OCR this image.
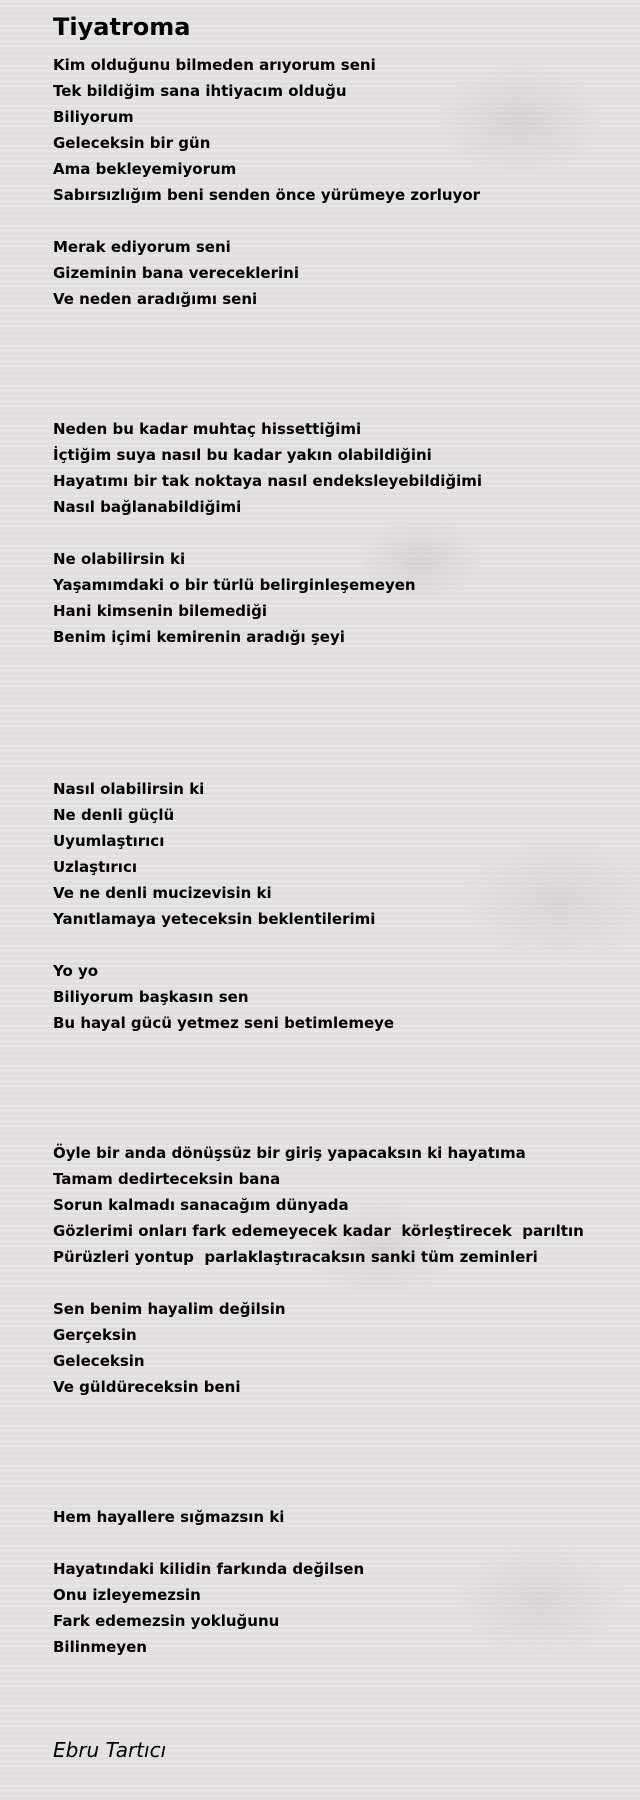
Tiyatroma
Kim olduğunu bilmeden arıyorum seni
Tek bildiğim sana ihtiyacım olduğu
Biliyorum
Geleceksin bir gün
Ama bekleyemiyorum
Sabırsızlığım beni senden önce yürümeye zorluyor
Merak ediyorum seni
Gizeminin bana vereceklerini
Ve neden aradığımı seni
Neden bu kadar muhtaç hissettiğimi
İçtiğim suya nasıl bu kadar yakın olabildiğini
Hayatımı bir tak noktaya nasıl endeksleyebildiğimi
Nasıl bağlanabildiğimi
Ne olabilirsin ki
Yaşamımdaki o bir türlü belirginleşemeyen
Hani kimsenin bilemediği
Benim içimi kemirenin aradığı şeyi
Nasıl olabilirsin ki
Ne denli güçlü
Uyumlaştırıcı
Uzlaştırıcı
Ve ne denli mucizevisin ki
Yanıtlamaya yeteceksin beklentilerimi
Yo yo
Biliyorum başkasın sen
Bu hayal gücü yetmez seni betimlemeye
Öyle bir anda dönüşsüz bir giriş yapacaksın ki hayatıma
Tamam dedirteceksin bana
Sorun kalmadı sanacağım dünyada
Gözlerimi onları fark edemeyecek kadar  körleştirecek  parıltın
Pürüzleri yontup  parlaklaştıracaksın sanki tüm zeminleri
Sen benim hayalim değilsin
Gerçeksin
Geleceksin
Ve güldüreceksin beni
Hem hayallere sığmazsın ki
Hayatındaki kilidin farkında değilsen
Onu izleyemezsin
Fark edemezsin yokluğunu
Bilinmeyen
Ebru Tartıcı
